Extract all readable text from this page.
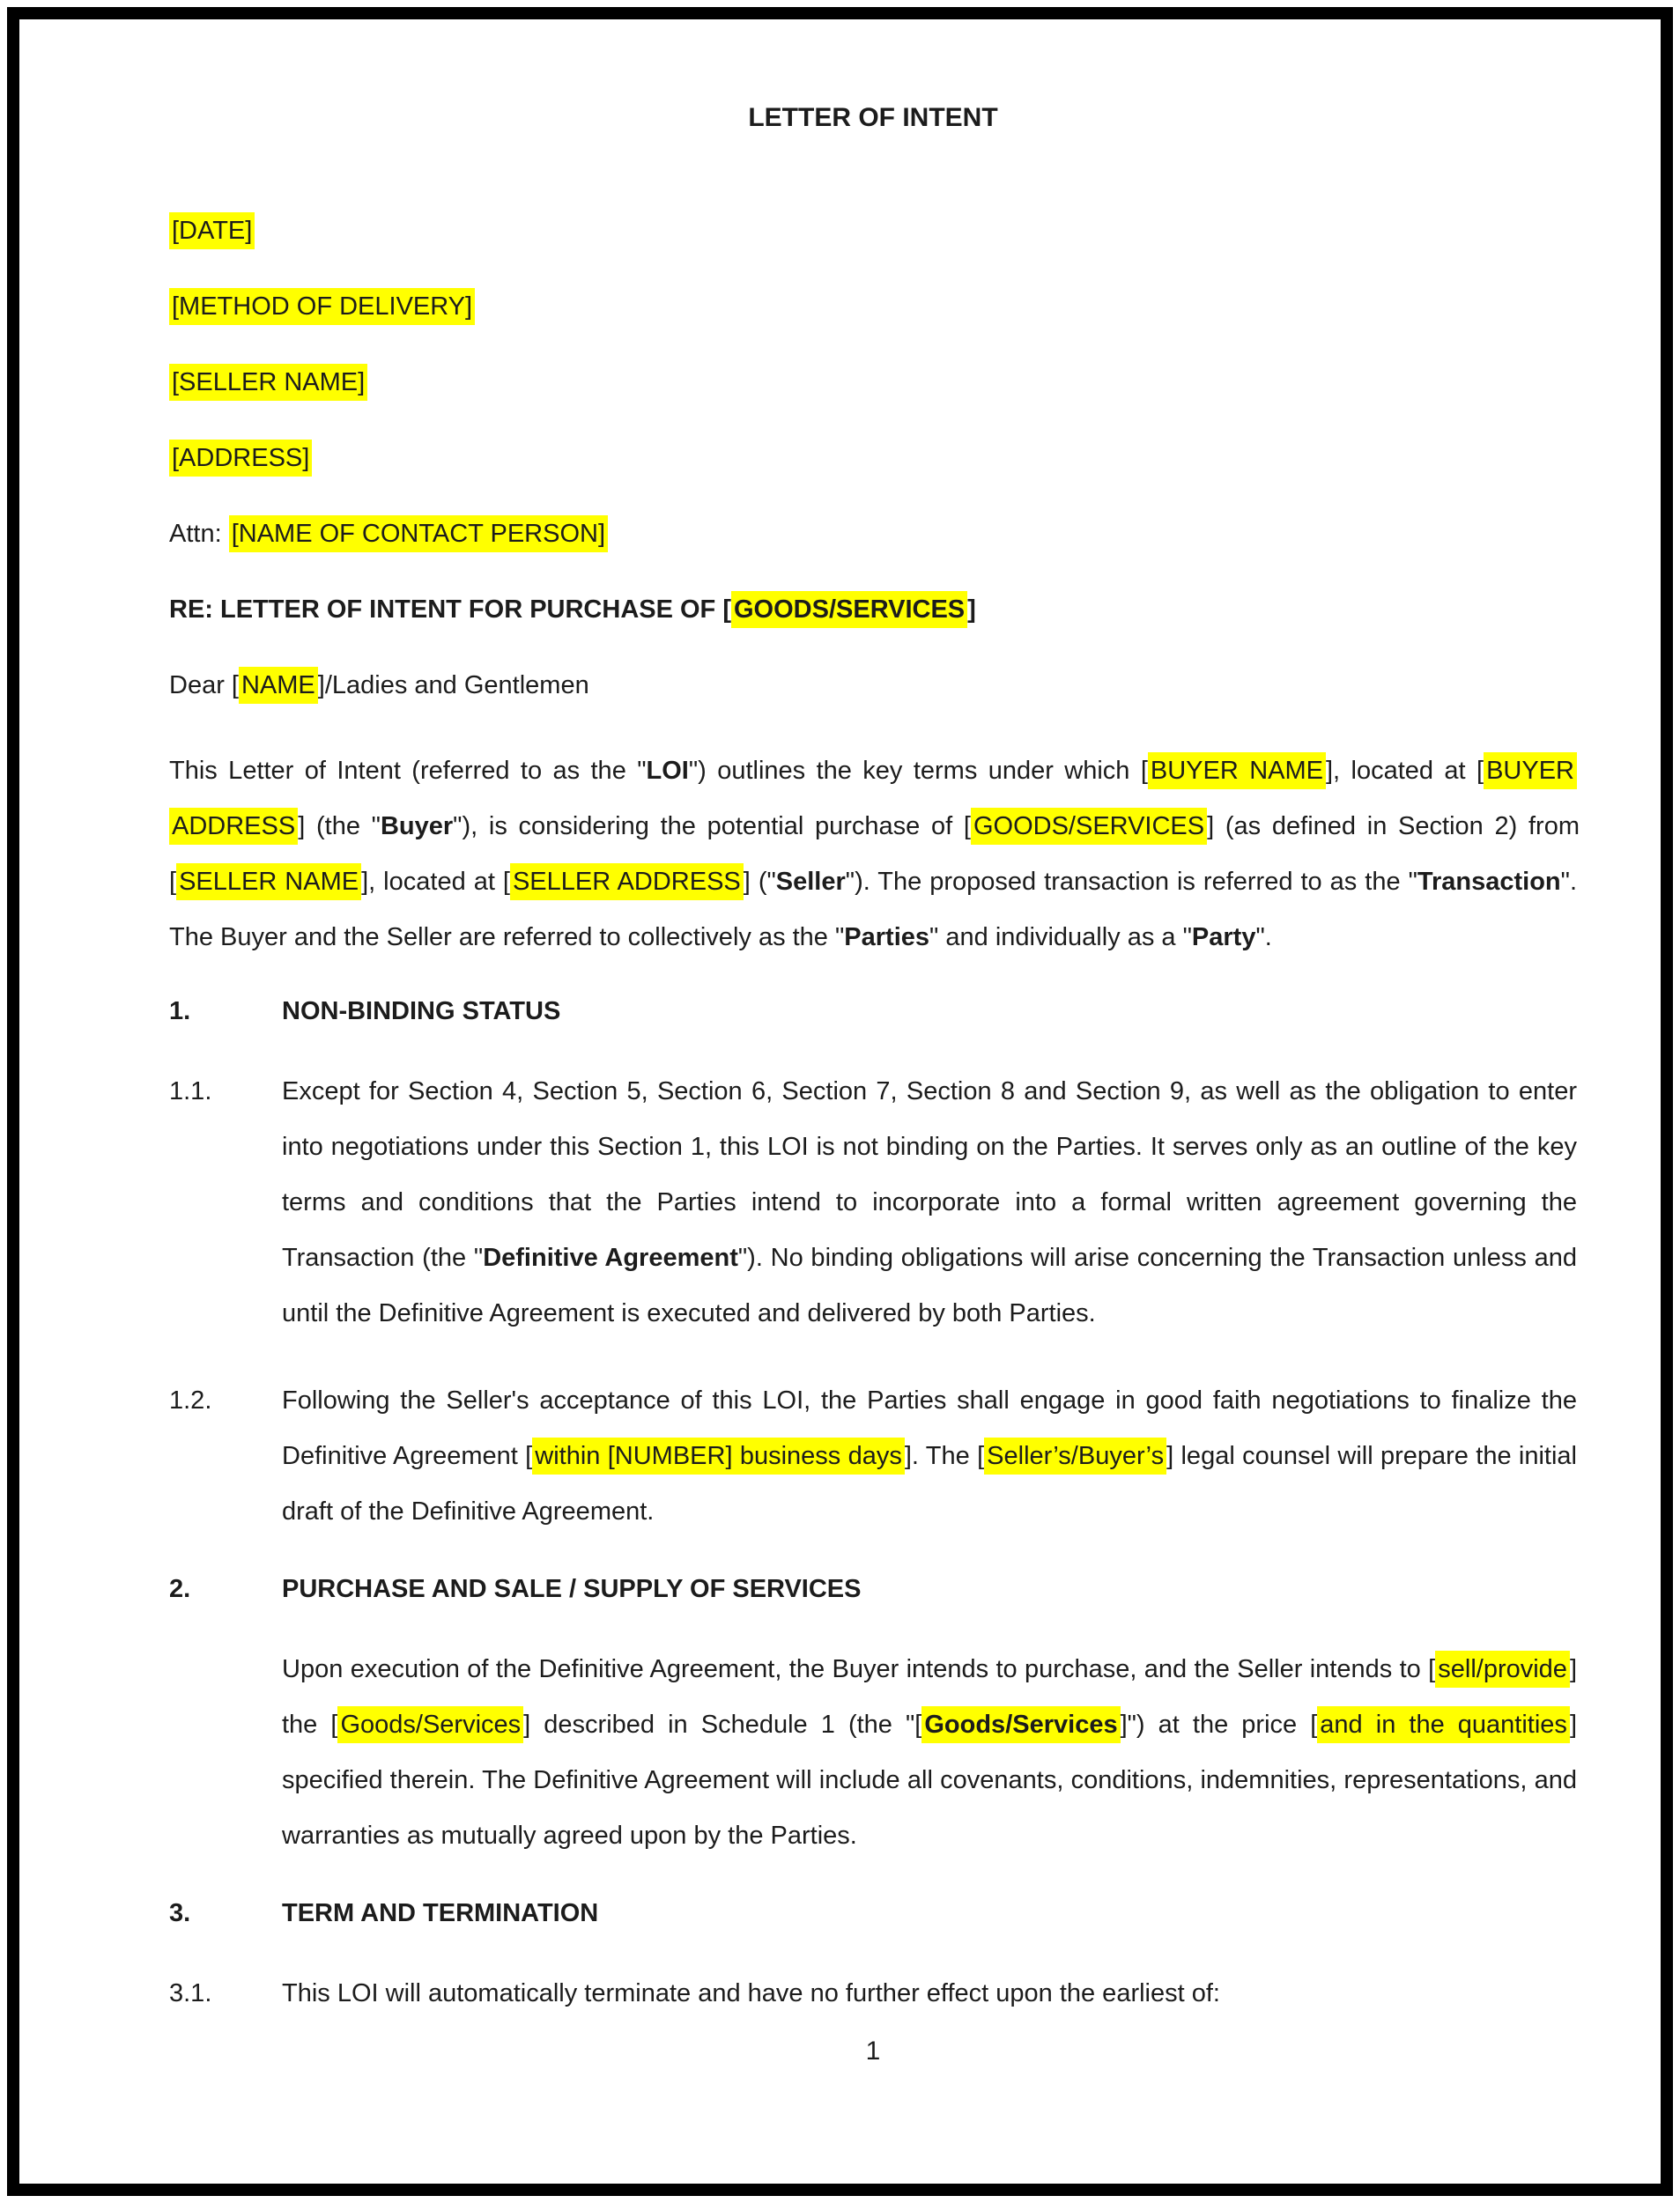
LETTER OF INTENT
[DATE]
[METHOD OF DELIVERY]
[SELLER NAME]
[ADDRESS]
Attn: [NAME OF CONTACT PERSON]
RE: LETTER OF INTENT FOR PURCHASE OF [ GOODS/SERVICES ]
Dear [ NAME ]/Ladies and Gentlemen
This Letter of Intent (referred to as the "LOI") outlines the key terms under which [ BUYER NAME ], located at [ BUYER ADDRESS ] (the "Buyer"), is considering the potential purchase of [ GOODS/SERVICES ] (as defined in Section 2) from [ SELLER NAME ], located at [ SELLER ADDRESS ] ("Seller"). The proposed transaction is referred to as the "Transaction". The Buyer and the Seller are referred to collectively as the "Parties" and individually as a "Party".
1.	NON-BINDING STATUS
1.1.	Except for Section 4, Section 5, Section 6, Section 7, Section 8 and Section 9, as well as the obligation to enter into negotiations under this Section 1, this LOI is not binding on the Parties. It serves only as an outline of the key terms and conditions that the Parties intend to incorporate into a formal written agreement governing the Transaction (the "Definitive Agreement"). No binding obligations will arise concerning the Transaction unless and until the Definitive Agreement is executed and delivered by both Parties.
1.2.	Following the Seller's acceptance of this LOI, the Parties shall engage in good faith negotiations to finalize the Definitive Agreement [ within [NUMBER] business days ]. The [ Seller’s/Buyer’s ] legal counsel will prepare the initial draft of the Definitive Agreement.
2.	PURCHASE AND SALE / SUPPLY OF SERVICES
Upon execution of the Definitive Agreement, the Buyer intends to purchase, and the Seller intends to [ sell/provide ] the [ Goods/Services ] described in Schedule 1 (the "[ Goods/Services ]") at the price [ and in the quantities ] specified therein. The Definitive Agreement will include all covenants, conditions, indemnities, representations, and warranties as mutually agreed upon by the Parties.
3.	TERM AND TERMINATION
3.1.	This LOI will automatically terminate and have no further effect upon the earliest of:
1
